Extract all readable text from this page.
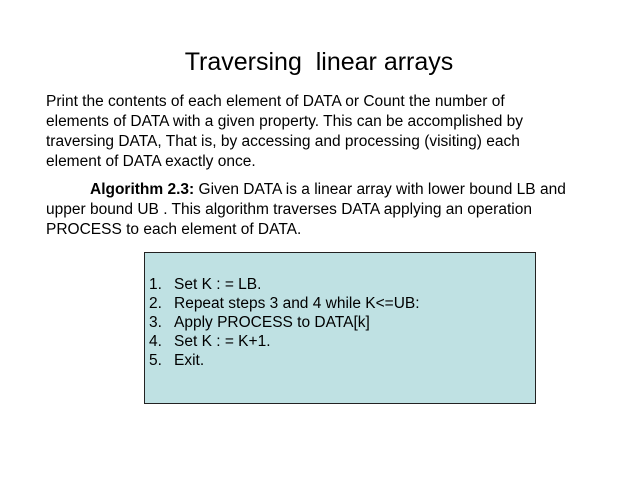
Traversing  linear arrays

Print the contents of each element of DATA or Count the number of
elements of DATA with a given property. This can be accomplished by
traversing DATA, That is, by accessing and processing (visiting) each
element of DATA exactly once.

Algorithm 2.3: Given DATA is a linear array with lower bound LB and
upper bound UB . This algorithm traverses DATA applying an operation
PROCESS to each element of DATA.

1. Set K : = LB.
2. Repeat steps 3 and 4 while K<=UB:
3. Apply PROCESS to DATA[k]
4. Set K : = K+1.
5. Exit.
